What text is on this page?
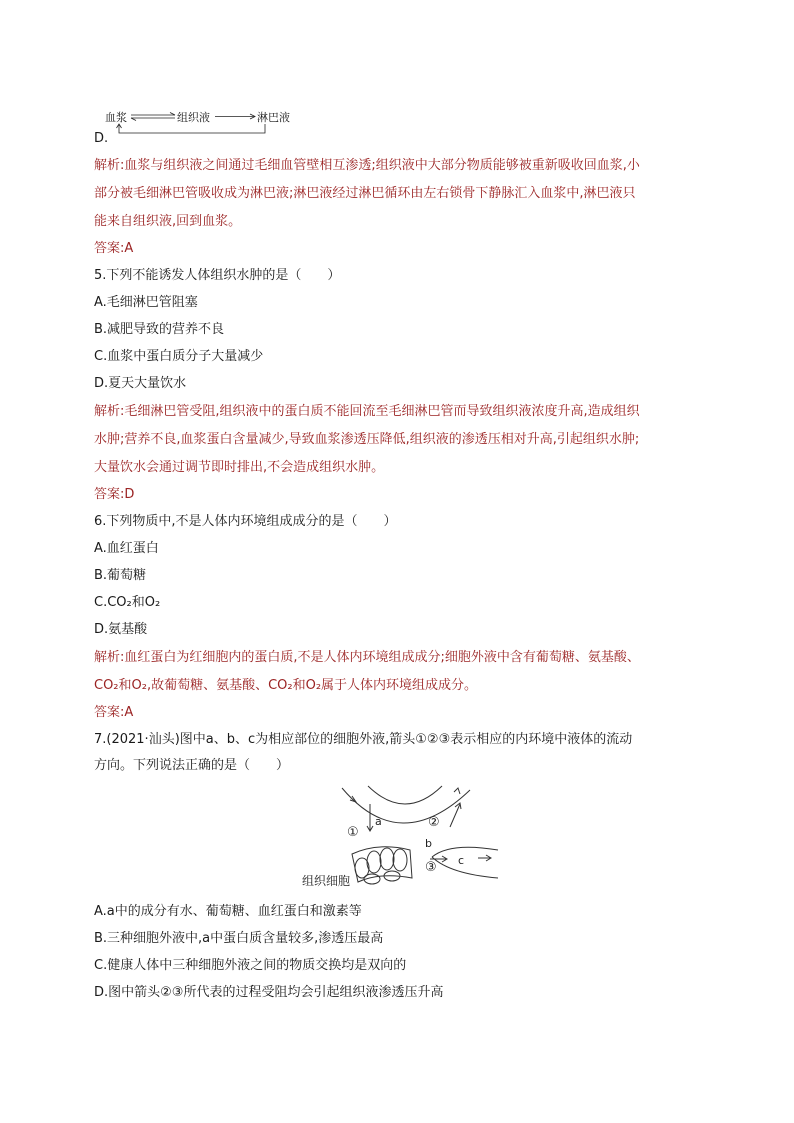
血浆	组织液	淋巴液
D.
解析:血浆与组织液之间通过毛细血管壁相互渗透;组织液中大部分物质能够被重新吸收回血浆,小
部分被毛细淋巴管吸收成为淋巴液;淋巴液经过淋巴循环由左右锁骨下静脉汇入血浆中,淋巴液只
能来自组织液,回到血浆。
答案:A
5.下列不能诱发人体组织水肿的是（　　）
A.毛细淋巴管阻塞
B.减肥导致的营养不良
C.血浆中蛋白质分子大量减少
D.夏天大量饮水
解析:毛细淋巴管受阻,组织液中的蛋白质不能回流至毛细淋巴管而导致组织液浓度升高,造成组织
水肿;营养不良,血浆蛋白含量减少,导致血浆渗透压降低,组织液的渗透压相对升高,引起组织水肿;
大量饮水会通过调节即时排出,不会造成组织水肿。
答案:D
6.下列物质中,不是人体内环境组成成分的是（　　）
A.血红蛋白
B.葡萄糖
C.CO₂和O₂
D.氨基酸
解析:血红蛋白为红细胞内的蛋白质,不是人体内环境组成成分;细胞外液中含有葡萄糖、氨基酸、
CO₂和O₂,故葡萄糖、氨基酸、CO₂和O₂属于人体内环境组成成分。
答案:A
7.(2021·汕头)图中a、b、c为相应部位的细胞外液,箭头①②③表示相应的内环境中液体的流动
方向。下列说法正确的是（　　）
a
b
c
①
②
③
组织细胞
A.a中的成分有水、葡萄糖、血红蛋白和激素等
B.三种细胞外液中,a中蛋白质含量较多,渗透压最高
C.健康人体中三种细胞外液之间的物质交换均是双向的
D.图中箭头②③所代表的过程受阻均会引起组织液渗透压升高
